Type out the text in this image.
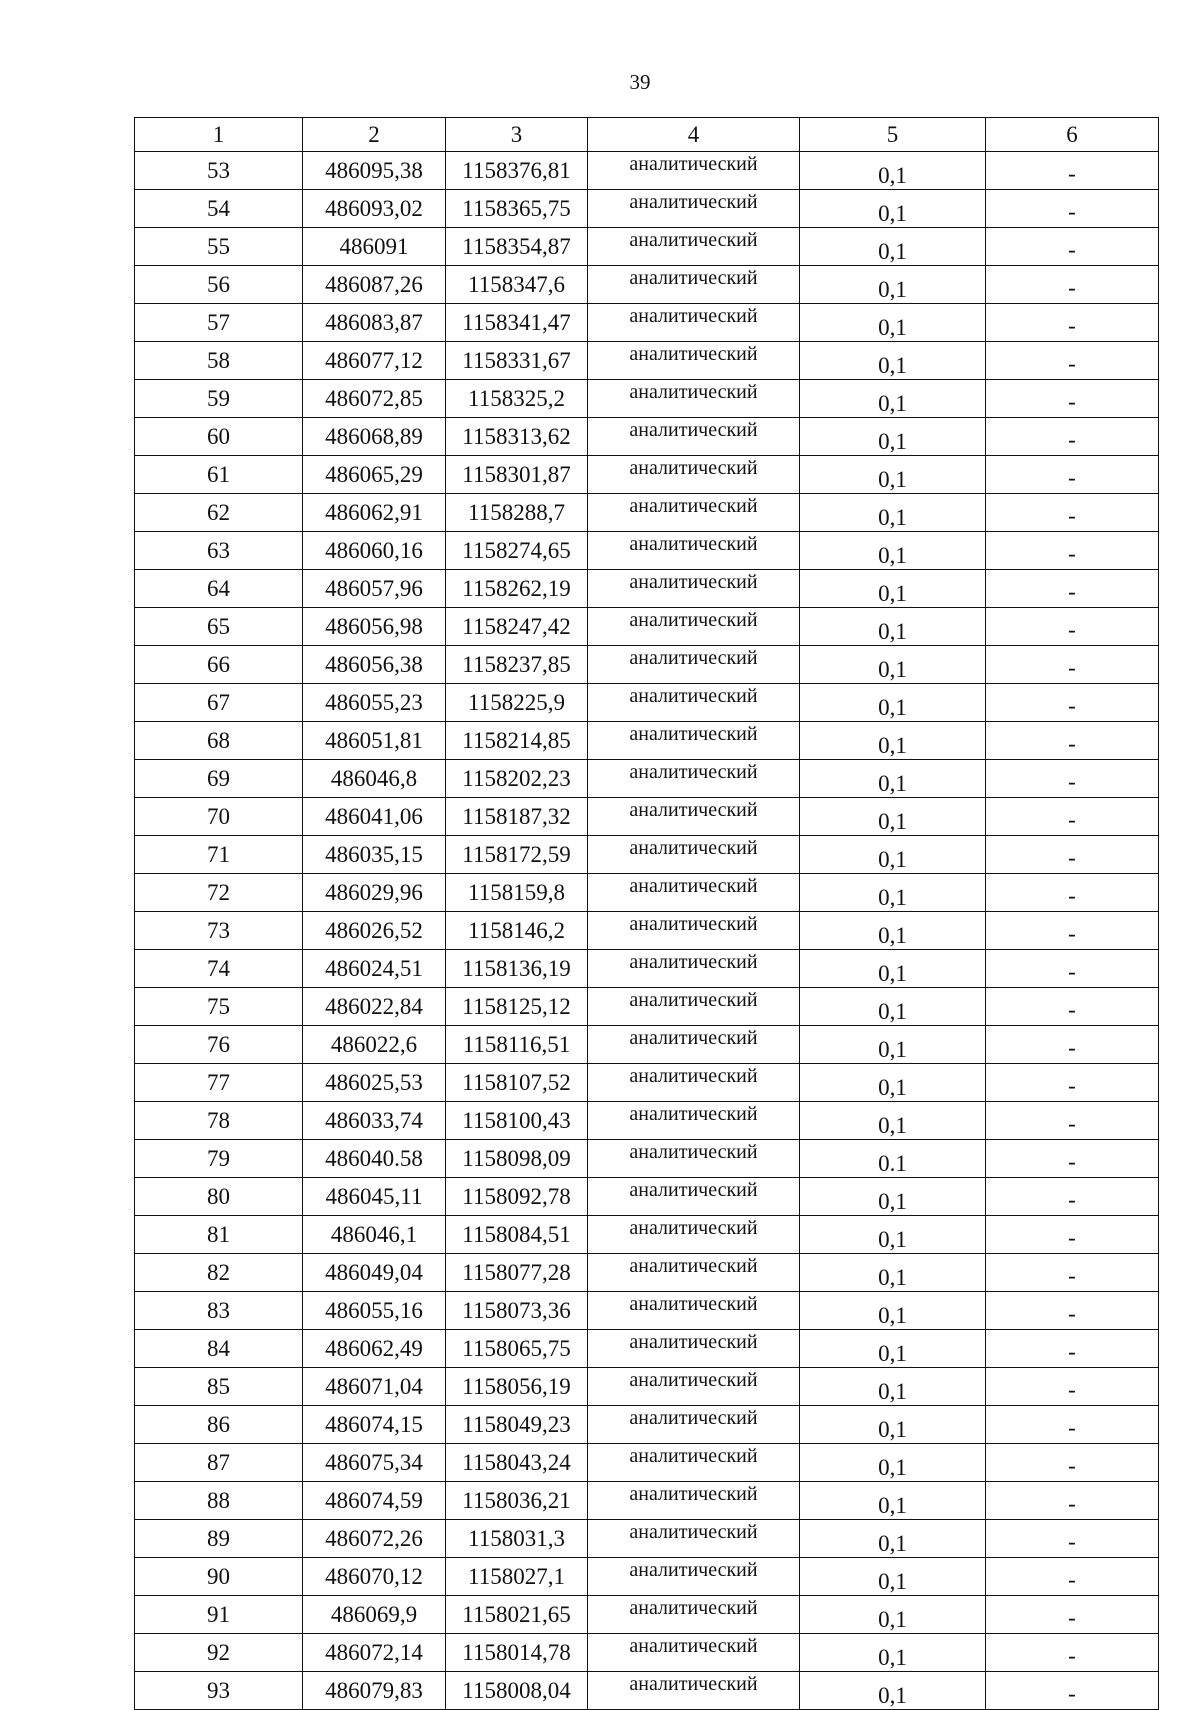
39
1	2	3	4	5	6
53	486095,38	1158376,81	аналитический	0,1	-
54	486093,02	1158365,75	аналитический	0,1	-
55	486091	1158354,87	аналитический	0,1	-
56	486087,26	1158347,6	аналитический	0,1	-
57	486083,87	1158341,47	аналитический	0,1	-
58	486077,12	1158331,67	аналитический	0,1	-
59	486072,85	1158325,2	аналитический	0,1	-
60	486068,89	1158313,62	аналитический	0,1	-
61	486065,29	1158301,87	аналитический	0,1	-
62	486062,91	1158288,7	аналитический	0,1	-
63	486060,16	1158274,65	аналитический	0,1	-
64	486057,96	1158262,19	аналитический	0,1	-
65	486056,98	1158247,42	аналитический	0,1	-
66	486056,38	1158237,85	аналитический	0,1	-
67	486055,23	1158225,9	аналитический	0,1	-
68	486051,81	1158214,85	аналитический	0,1	-
69	486046,8	1158202,23	аналитический	0,1	-
70	486041,06	1158187,32	аналитический	0,1	-
71	486035,15	1158172,59	аналитический	0,1	-
72	486029,96	1158159,8	аналитический	0,1	-
73	486026,52	1158146,2	аналитический	0,1	-
74	486024,51	1158136,19	аналитический	0,1	-
75	486022,84	1158125,12	аналитический	0,1	-
76	486022,6	1158116,51	аналитический	0,1	-
77	486025,53	1158107,52	аналитический	0,1	-
78	486033,74	1158100,43	аналитический	0,1	-
79	486040.58	1158098,09	аналитический	0.1	-
80	486045,11	1158092,78	аналитический	0,1	-
81	486046,1	1158084,51	аналитический	0,1	-
82	486049,04	1158077,28	аналитический	0,1	-
83	486055,16	1158073,36	аналитический	0,1	-
84	486062,49	1158065,75	аналитический	0,1	-
85	486071,04	1158056,19	аналитический	0,1	-
86	486074,15	1158049,23	аналитический	0,1	-
87	486075,34	1158043,24	аналитический	0,1	-
88	486074,59	1158036,21	аналитический	0,1	-
89	486072,26	1158031,3	аналитический	0,1	-
90	486070,12	1158027,1	аналитический	0,1	-
91	486069,9	1158021,65	аналитический	0,1	-
92	486072,14	1158014,78	аналитический	0,1	-
93	486079,83	1158008,04	аналитический	0,1	-
